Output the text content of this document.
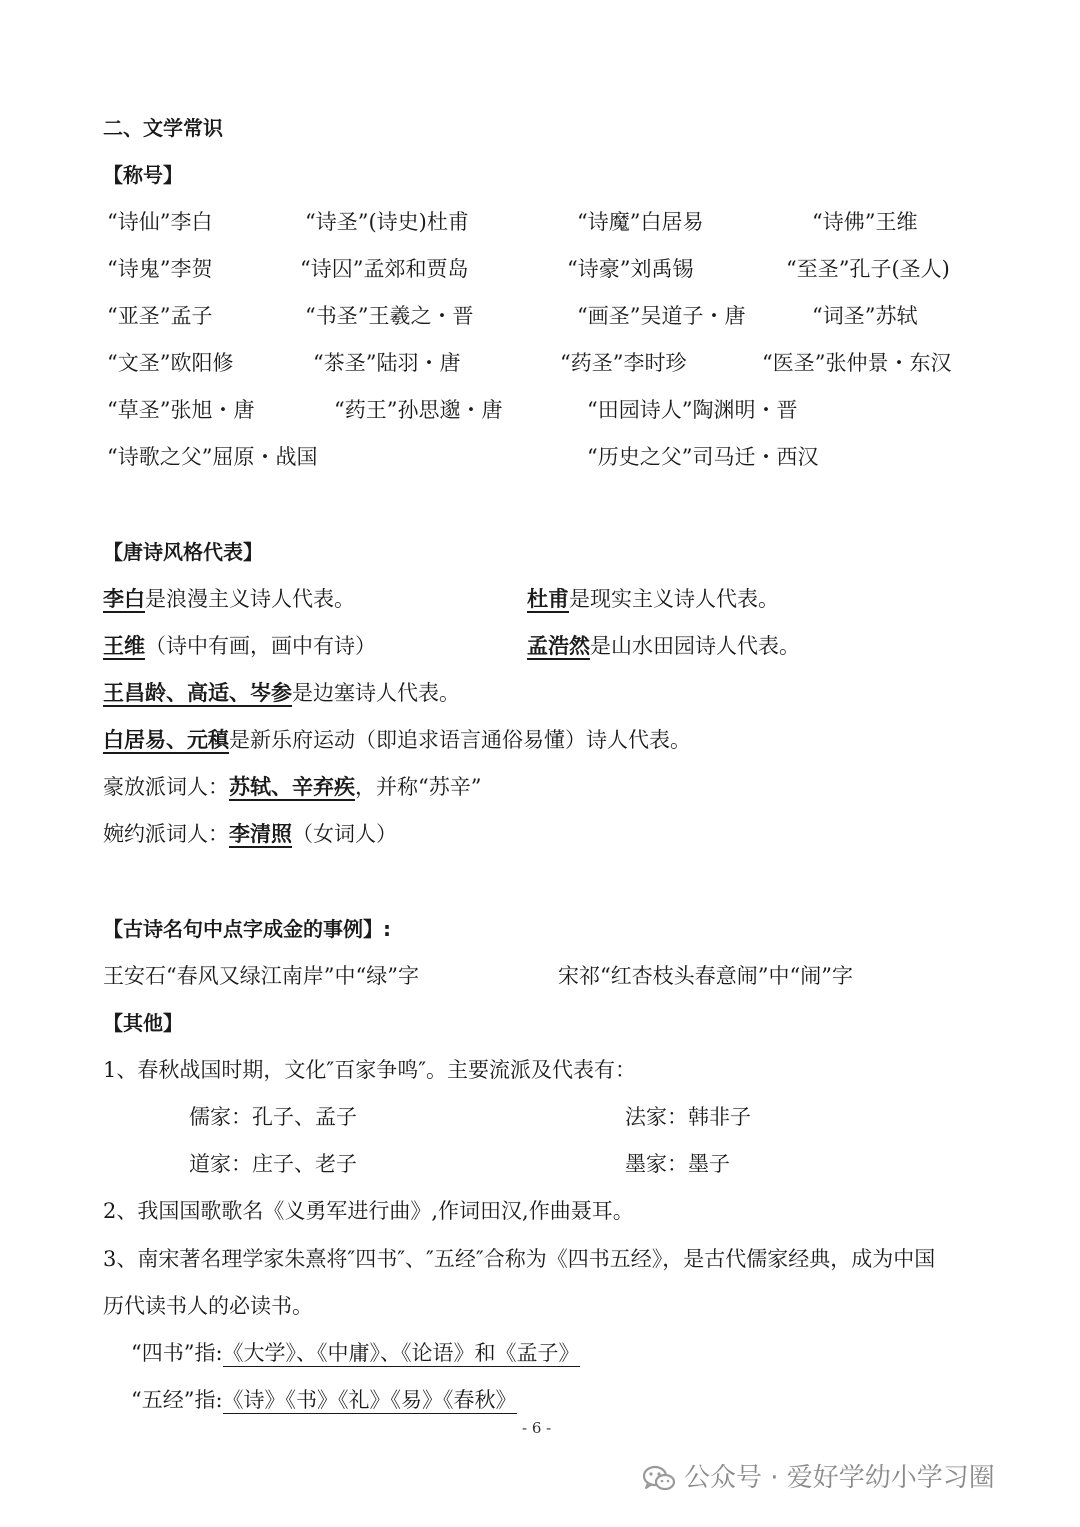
二、文学常识
【称号】
“诗仙”李白	“诗圣”(诗史)杜甫	“诗魔”白居易	“诗佛”王维
“诗鬼”李贺	“诗囚”孟郊和贾岛	“诗豪”刘禹锡	“至圣”孔子(圣人)
“亚圣”孟子	“书圣”王羲之・晋	“画圣”吴道子・唐	“词圣”苏轼
“文圣”欧阳修	“茶圣”陆羽・唐	“药圣”李时珍	“医圣”张仲景・东汉
“草圣”张旭・唐	“药王”孙思邈・唐	“田园诗人”陶渊明・晋
“诗歌之父”屈原・战国	“历史之父”司马迁・西汉
【唐诗风格代表】
李白是浪漫主义诗人代表。	杜甫是现实主义诗人代表。
王维（诗中有画，画中有诗）	孟浩然是山水田园诗人代表。
王昌龄、高适、岑参是边塞诗人代表。
白居易、元稹是新乐府运动（即追求语言通俗易懂）诗人代表。
豪放派词人：苏轼、辛弃疾，并称“苏辛”
婉约派词人：李清照（女词人）
【古诗名句中点字成金的事例】:
王安石“春风又绿江南岸”中“绿”字	宋祁“红杏枝头春意闹”中“闹”字
【其他】
1、春秋战国时期，文化″百家争鸣″。主要流派及代表有：
儒家：孔子、孟子	法家：韩非子
道家：庄子、老子	墨家：墨子
2、我国国歌歌名《义勇军进行曲》,作词田汉,作曲聂耳。
3、南宋著名理学家朱熹将″四书″、″五经″合称为《四书五经》，是古代儒家经典，成为中国
历代读书人的必读书。
“四书”指:《大学》、《中庸》、《论语》和《孟子》
“五经”指:《诗》《书》《礼》《易》《春秋》
- 6 -
公众号 · 爱好学幼小学习圈
